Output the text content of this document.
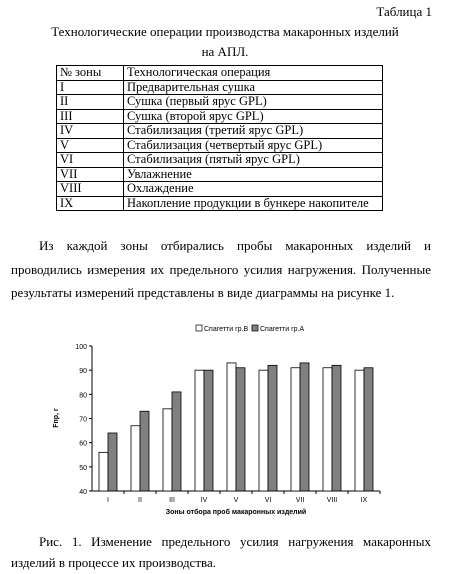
Таблица 1
Технологические операции производства макаронных изделий
на АПЛ.
№ зоны	Технологическая операция
I	Предварительная сушка
II	Сушка (первый ярус GPL)
III	Сушка (второй ярус GPL)
IV	Стабилизация (третий ярус GPL)
V	Стабилизация (четвертый ярус GPL)
VI	Стабилизация (пятый ярус GPL)
VII	Увлажнение
VIII	Охлаждение
IX	Накопление продукции в бункере накопителе
Из каждой зоны отбирались пробы макаронных изделий и проводились измерения их предельного усилия нагружения. Полученные результаты измерений представлены в виде диаграммы на рисунке 1.
40
50
60
70
80
90
100
I	II	III	IV	V	VI	VII	VIII	IX
Зоны отбора проб макаронных изделий
Fпр, г
Спагетти гр.В Спагетти гр.А
Рис. 1. Изменение предельного усилия нагружения макаронных изделий в процессе их производства.
